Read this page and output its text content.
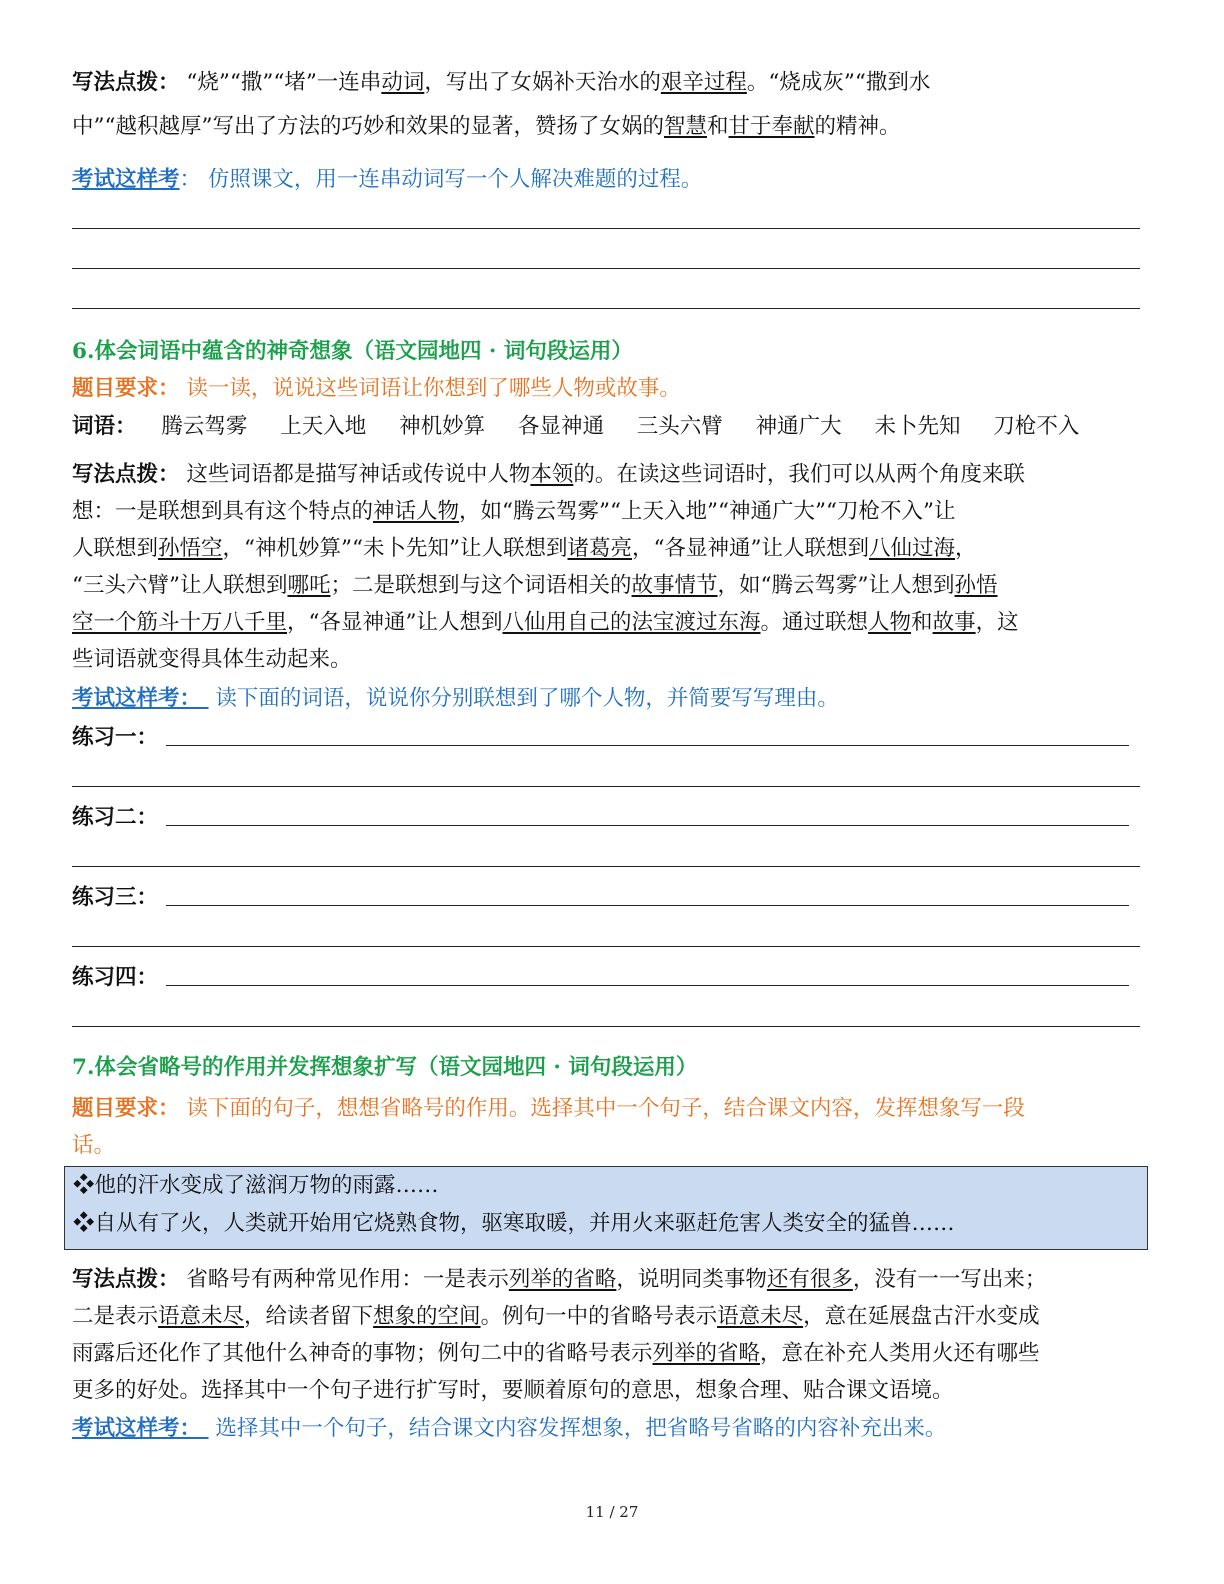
写法点拨： “烧”“撒”“堵”一连串动词，写出了女娲补天治水的艰辛过程。“烧成灰”“撒到水

中”“越积越厚”写出了方法的巧妙和效果的显著，赞扬了女娲的智慧和甘于奉献的精神。

考试这样考： 仿照课文，用一连串动词写一个人解决难题的过程。

6.体会词语中蕴含的神奇想象（语文园地四 · 词句段运用）

题目要求： 读一读，说说这些词语让你想到了哪些人物或故事。

词语： 腾云驾雾 上天入地 神机妙算 各显神通 三头六臂 神通广大 未卜先知 刀枪不入

写法点拨： 这些词语都是描写神话或传说中人物本领的。在读这些词语时，我们可以从两个角度来联

想：一是联想到具有这个特点的神话人物，如“腾云驾雾”“上天入地”“神通广大”“刀枪不入”让

人联想到孙悟空，“神机妙算”“未卜先知”让人联想到诸葛亮，“各显神通”让人联想到八仙过海，

“三头六臂”让人联想到哪吒；二是联想到与这个词语相关的故事情节，如“腾云驾雾”让人想到孙悟

空一个筋斗十万八千里，“各显神通”让人想到八仙用自己的法宝渡过东海。通过联想人物和故事，这

些词语就变得具体生动起来。

考试这样考： 读下面的词语，说说你分别联想到了哪个人物，并简要写写理由。

练习一：
练习二：
练习三：
练习四：

7.体会省略号的作用并发挥想象扩写（语文园地四 · 词句段运用）

题目要求： 读下面的句子，想想省略号的作用。选择其中一个句子，结合课文内容，发挥想象写一段

话。

❖他的汗水变成了滋润万物的雨露……
❖自从有了火，人类就开始用它烧熟食物，驱寒取暖，并用火来驱赶危害人类安全的猛兽……

写法点拨： 省略号有两种常见作用：一是表示列举的省略，说明同类事物还有很多，没有一一写出来；

二是表示语意未尽，给读者留下想象的空间。例句一中的省略号表示语意未尽，意在延展盘古汗水变成

雨露后还化作了其他什么神奇的事物；例句二中的省略号表示列举的省略，意在补充人类用火还有哪些

更多的好处。选择其中一个句子进行扩写时，要顺着原句的意思，想象合理、贴合课文语境。

考试这样考： 选择其中一个句子，结合课文内容发挥想象，把省略号省略的内容补充出来。

11 / 27
